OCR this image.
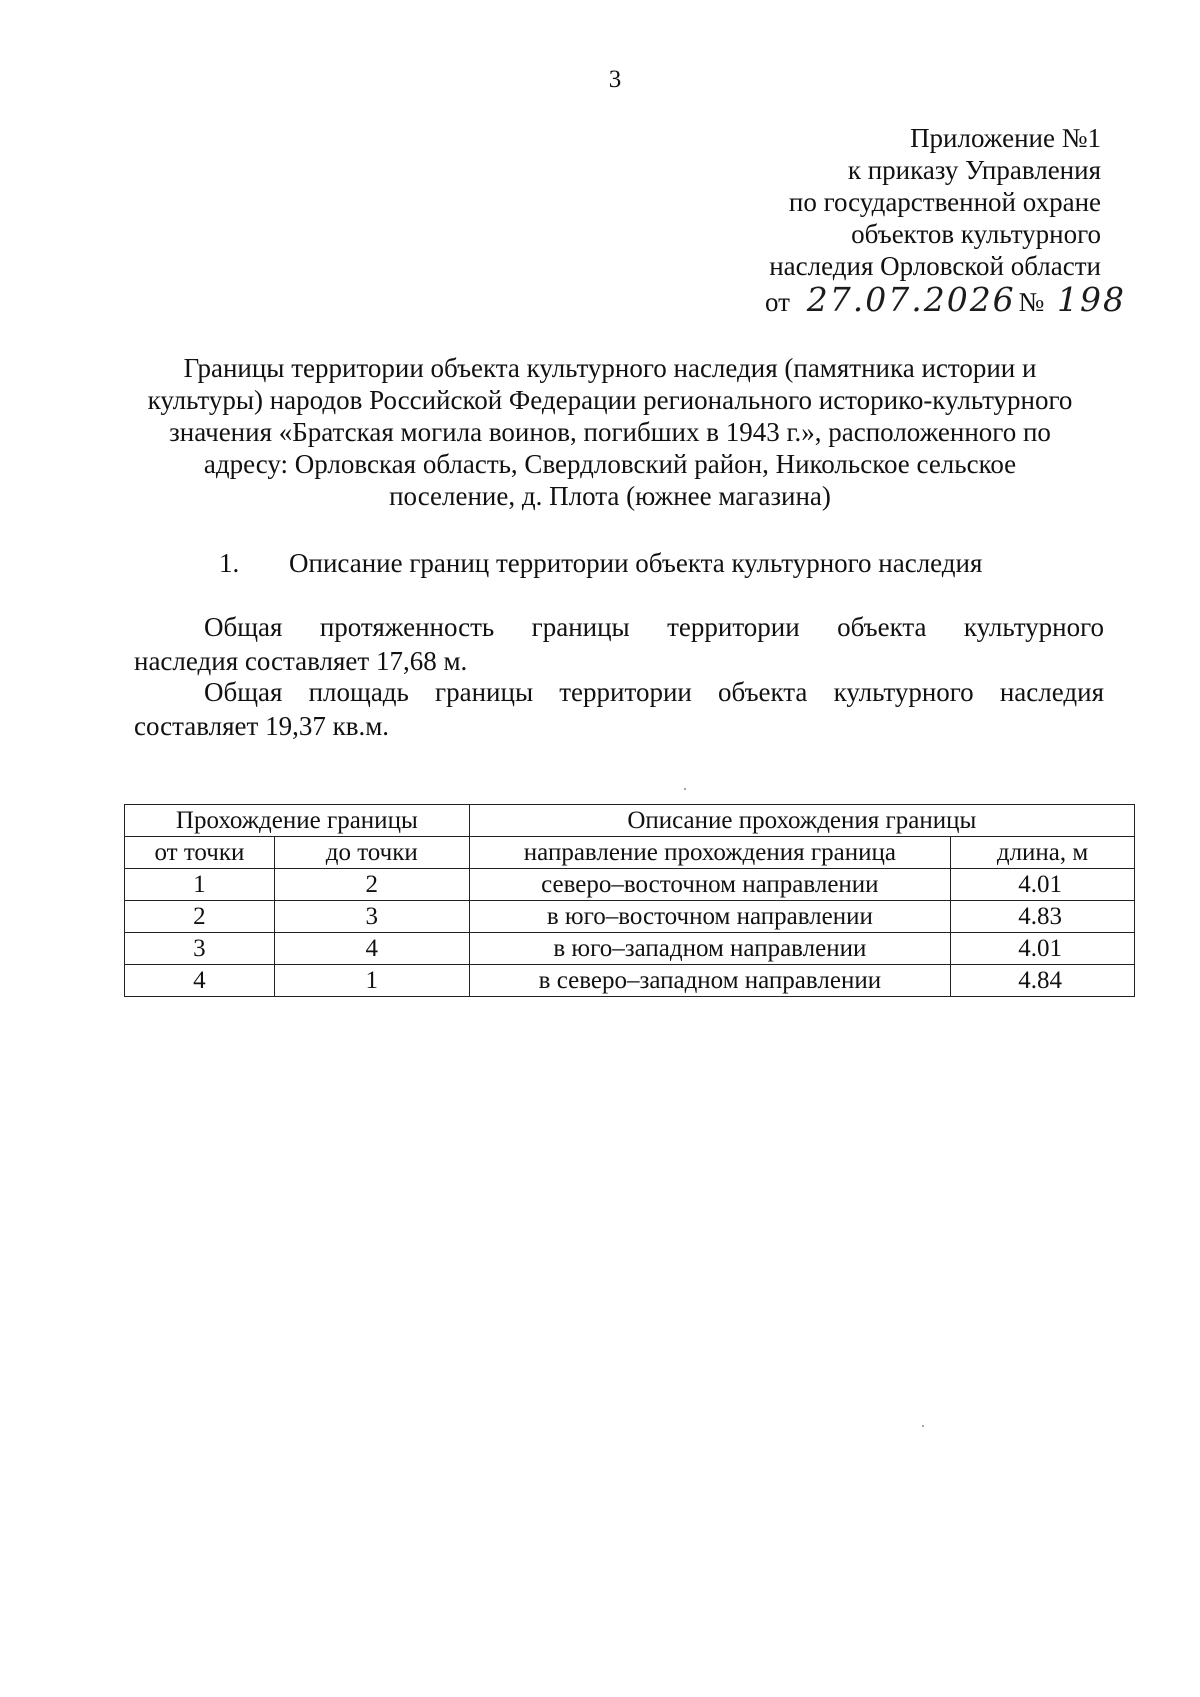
3
Приложение №1
к приказу Управления
по государственной охране
объектов культурного
наследия Орловской области
от 27.07.2026 № 198
Границы территории объекта культурного наследия (памятника истории и
культуры) народов Российской Федерации регионального историко-культурного
значения «Братская могила воинов, погибших в 1943 г.», расположенного по
адресу: Орловская область, Свердловский район, Никольское сельское
поселение, д. Плота (южнее магазина)
1. Описание границ территории объекта культурного наследия
Общая протяженность границы территории объекта культурного
наследия составляет 17,68 м.
Общая площадь границы территории объекта культурного наследия
составляет 19,37 кв.м.
Прохождение границы		Описание прохождения границы	
от точки	до точки	направление прохождения граница	длина, м
1	2	северо–восточном направлении	4.01
2	3	в юго–восточном направлении	4.83
3	4	в юго–западном направлении	4.01
4	1	в северо–западном направлении	4.84
